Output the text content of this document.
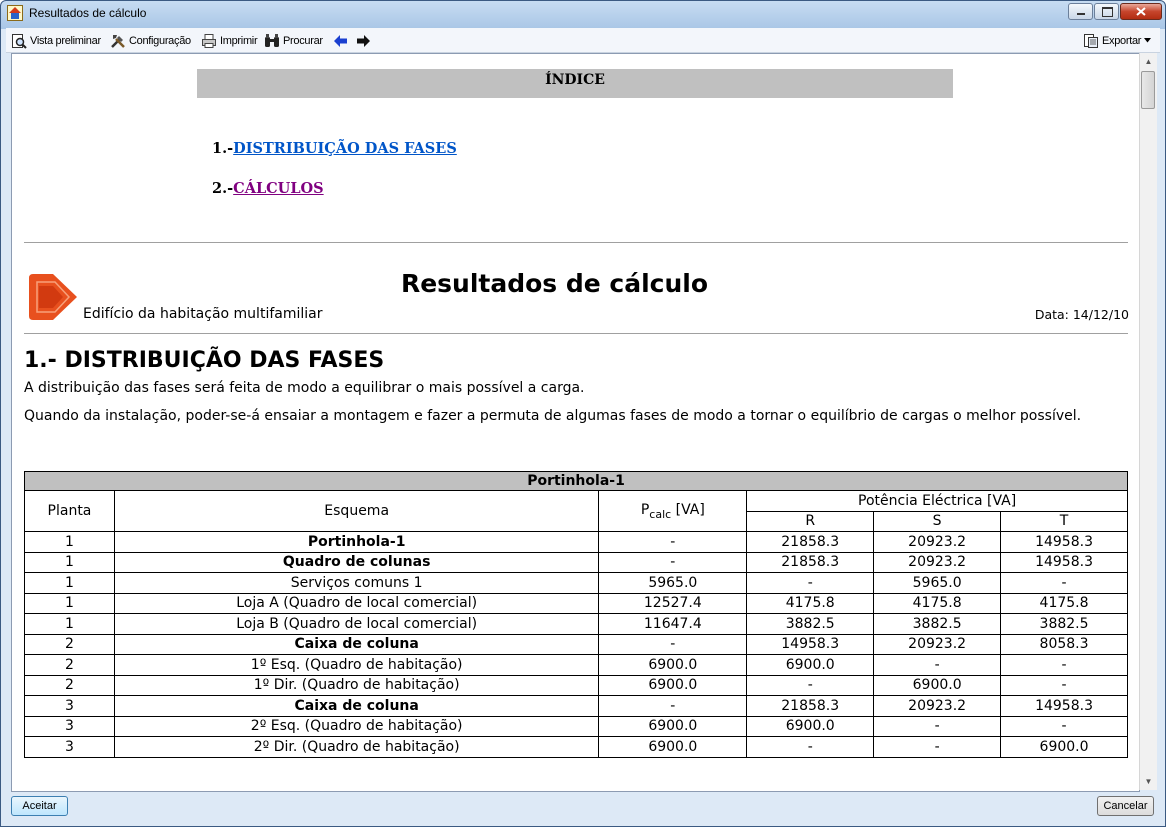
Resultados de cálculo
Vista preliminar	Configuração	Imprimir Procurar	Exportar
ÍNDICE
1.-DISTRIBUIÇÃO DAS FASES
2.-CÁLCULOS
Resultados de cálculo
Edifício da habitação multifamiliar	Data: 14/12/10
1.- DISTRIBUIÇÃO DAS FASES
A distribuição das fases será feita de modo a equilibrar o mais possível a carga.
Quando da instalação, poder-se-á ensaiar a montagem e fazer a permuta de algumas fases de modo a tornar o equilíbrio de cargas o melhor possível.
Portinhola-1					
Planta	Esquema	$P_{calc}$ [VA]	Potência Eléctrica [VA]		
			R	S	T
1	Portinhola-1	-	21858.3	20923.2	14958.3
1	Quadro de colunas	-	21858.3	20923.2	14958.3
1	Serviços comuns 1	5965.0	-	5965.0	-
1	Loja A (Quadro de local comercial)	12527.4	4175.8	4175.8	4175.8
1	Loja B (Quadro de local comercial)	11647.4	3882.5	3882.5	3882.5
2	Caixa de coluna	-	14958.3	20923.2	8058.3
2	1º Esq. (Quadro de habitação)	6900.0	6900.0	-	-
2	1º Dir. (Quadro de habitação)	6900.0	-	6900.0	-
3	Caixa de coluna	-	21858.3	20923.2	14958.3
3	2º Esq. (Quadro de habitação)	6900.0	6900.0	-	-
3	2º Dir. (Quadro de habitação)	6900.0	-	-	6900.0
▲
▼
Aceitar	Cancelar
